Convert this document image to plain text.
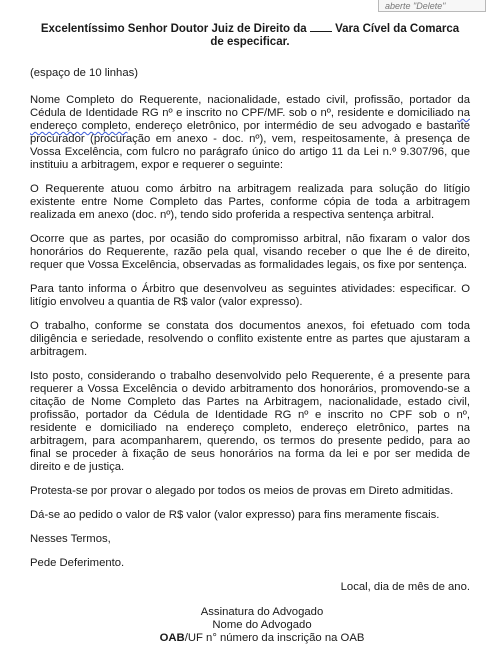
aberte "Delete"
Excelentíssimo Senhor Doutor Juiz de Direito da Vara Cível da Comarca
de especificar.

(espaço de 10 linhas)

Nome Completo do Requerente, nacionalidade, estado civil, profissão, portador da Cédula de Identidade RG nº e inscrito no CPF/MF. sob o nº, residente e domiciliado na endereço completo, endereço eletrônico, por intermédio de seu advogado e bastante procurador (procuração em anexo - doc. nº), vem, respeitosamente, à presença de Vossa Excelência, com fulcro no parágrafo único do artigo 11 da Lei n.º 9.307/96, que instituiu a arbitragem, expor e requerer o seguinte:

O Requerente atuou como árbitro na arbitragem realizada para solução do litígio existente entre Nome Completo das Partes, conforme cópia de toda a arbitragem realizada em anexo (doc. nº), tendo sido proferida a respectiva sentença arbitral.

Ocorre que as partes, por ocasião do compromisso arbitral, não fixaram o valor dos honorários do Requerente, razão pela qual, visando receber o que lhe é de direito, requer que Vossa Excelência, observadas as formalidades legais, os fixe por sentença.

Para tanto informa o Árbitro que desenvolveu as seguintes atividades: especificar. O litígio envolveu a quantia de R$ valor (valor expresso).

O trabalho, conforme se constata dos documentos anexos, foi efetuado com toda diligência e seriedade, resolvendo o conflito existente entre as partes que ajustaram a arbitragem.

Isto posto, considerando o trabalho desenvolvido pelo Requerente, é a presente para requerer a Vossa Excelência o devido arbitramento dos honorários, promovendo-se a citação de Nome Completo das Partes na Arbitragem, nacionalidade, estado civil, profissão, portador da Cédula de Identidade RG nº e inscrito no CPF sob o nº, residente e domiciliado na endereço completo, endereço eletrônico, partes na arbitragem, para acompanharem, querendo, os termos do presente pedido, para ao final se proceder à fixação de seus honorários na forma da lei e por ser medida de direito e de justiça.

Protesta-se por provar o alegado por todos os meios de provas em Direto admitidas.

Dá-se ao pedido o valor de R$ valor (valor expresso) para fins meramente fiscais.

Nesses Termos,

Pede Deferimento.

Local, dia de mês de ano.

Assinatura do Advogado

Nome do Advogado

OAB/UF n° número da inscrição na OAB
